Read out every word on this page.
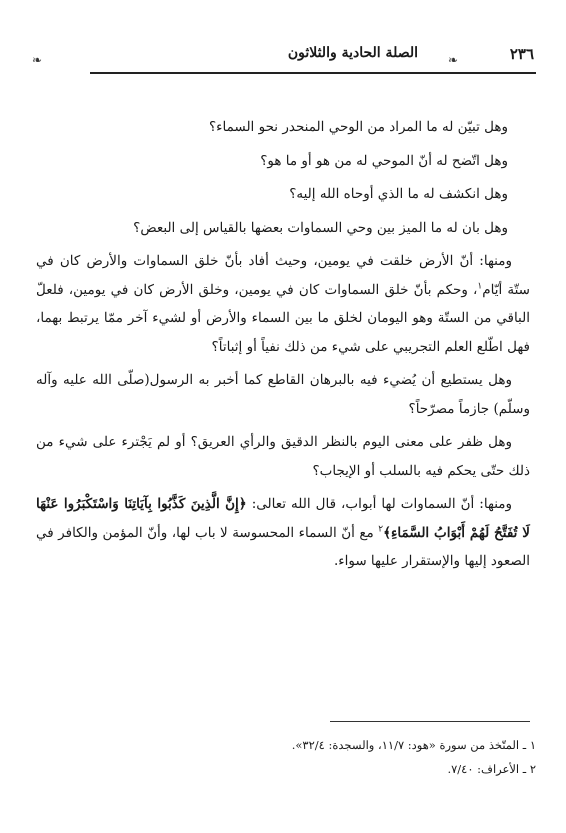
٢٣٦
❧
الصلة الحادية والثلاثون
❧

وهل تبيّن له ما المراد من الوحي المنحدر نحو السماء؟

وهل اتّضح له أنّ الموحي له من هو أو ما هو؟

وهل انكشف له ما الذي أوحاه الله إليه؟

وهل بان له ما الميز بين وحي السماوات بعضها بالقياس إلى البعض؟

ومنها: أنّ الأرض خلقت في يومين، وحيث أفاد بأنّ خلق السماوات والأرض كان في ستّة أيّام$^١$، وحكم بأنّ خلق السماوات كان في يومين، وخلق الأرض كان في يومين، فلعلّ الباقي من الستّة وهو اليومان لخلق ما بين السماء والأرض أو لشيء آخر ممّا يرتبط بهما، فهل اطّلع العلم التجريبي على شيء من ذلك نفياً أو إثباتاً؟

وهل يستطيع أن يُضيء فيه بالبرهان القاطع كما أخبر به الرسول(صلّى الله عليه وآله وسلّم) جازماً مصرّحاً؟

وهل ظفر على معنى اليوم بالنظر الدقيق والرأي العريق؟ أو لم يَجْترء على شيء من ذلك حتّى يحكم فيه بالسلب أو الإيجاب؟

ومنها: أنّ السماوات لها أبواب، قال الله تعالى: ﴿إِنَّ الَّذِينَ كَذَّبُوا بِآيَاتِنَا وَاسْتَكْبَرُوا عَنْهَا لَا تُفَتَّحُ لَهُمْ أَبْوَابُ السَّمَاءِ﴾$^٢$ مع أنّ السماء المحسوسة لا باب لها، وأنّ المؤمن والكافر في الصعود إليها والإستقرار عليها سواء.

١ ـ المتّخذ من سورة «هود: ١١/٧، والسجدة: ٣٢/٤».
٢ ـ الأعراف: ٧/٤٠.
